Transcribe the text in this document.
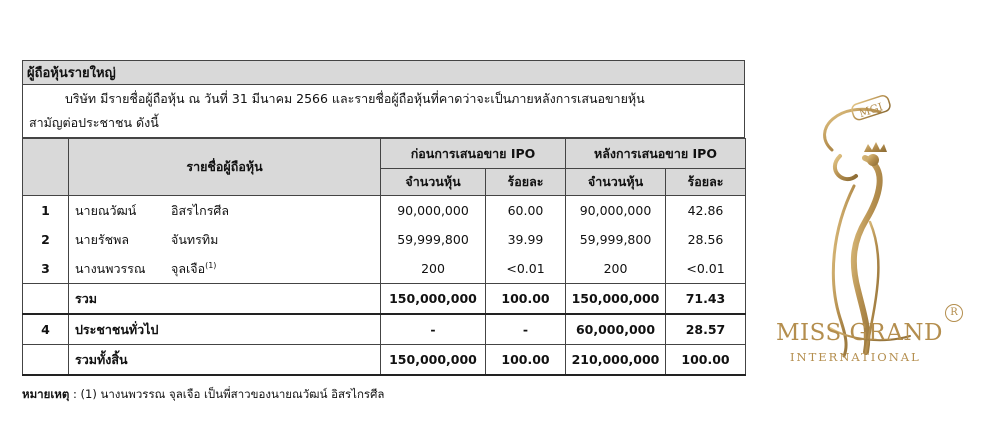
ผู้ถือหุ้นรายใหญ่

บริษัท มีรายชื่อผู้ถือหุ้น ณ วันที่ 31 มีนาคม 2566 และรายชื่อผู้ถือหุ้นที่คาดว่าจะเป็นภายหลังการเสนอขายหุ้น

สามัญต่อประชาชน ดังนี้

	รายชื่อผู้ถือหุ้น	ก่อนการเสนอขาย IPO		หลังการเสนอขาย IPO	
		จำนวนหุ้น	ร้อยละ	จำนวนหุ้น	ร้อยละ
1	นายณวัฒน์ อิสรไกรศีล	90,000,000	60.00	90,000,000	42.86
2	นายรัชพล จันทรทิม	59,999,800	39.99	59,999,800	28.56
3	นางนพวรรณ จุลเจือ$^{(1)}$	200	<0.01	200	<0.01
	รวม	150,000,000	100.00	150,000,000	71.43
4	ประชาชนทั่วไป	-	-	60,000,000	28.57
	รวมทั้งสิ้น	150,000,000	100.00	210,000,000	100.00
หมายเหตุ : (1) นางนพวรรณ จุลเจือ เป็นพี่สาวของนายณวัฒน์ อิสรไกรศีล
MGI
MISS GRAND
INTERNATIONAL
R
